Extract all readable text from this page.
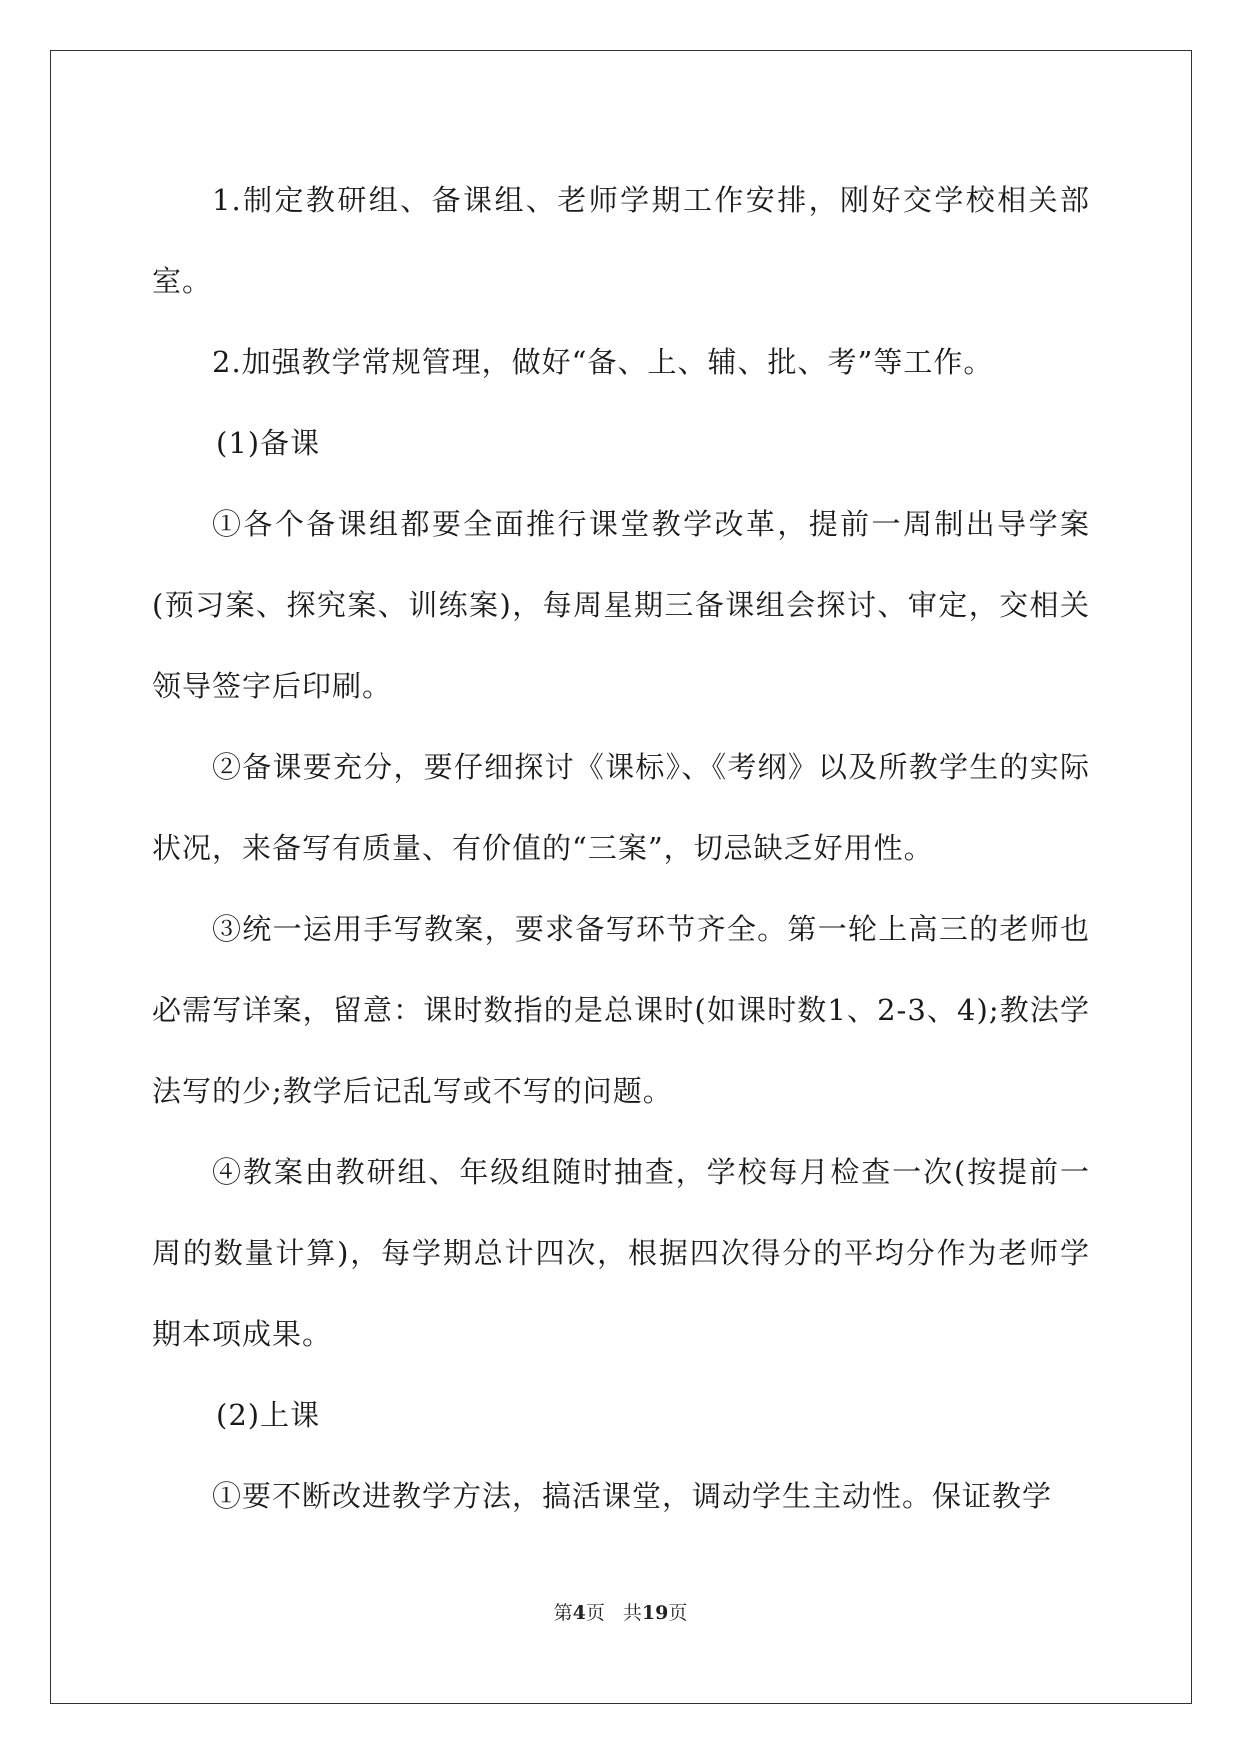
1.制定教研组、备课组、老师学期工作安排，刚好交学校相关部室。

2.加强教学常规管理，做好“备、上、辅、批、考”等工作。

(1)备课

①各个备课组都要全面推行课堂教学改革，提前一周制出导学案(预习案、探究案、训练案)，每周星期三备课组会探讨、审定，交相关领导签字后印刷。

②备课要充分，要仔细探讨《课标》、《考纲》以及所教学生的实际状况，来备写有质量、有价值的“三案”，切忌缺乏好用性。

③统一运用手写教案，要求备写环节齐全。第一轮上高三的老师也必需写详案，留意：课时数指的是总课时(如课时数1、2-3、4);教法学法写的少;教学后记乱写或不写的问题。

④教案由教研组、年级组随时抽查，学校每月检查一次(按提前一周的数量计算)，每学期总计四次，根据四次得分的平均分作为老师学期本项成果。

(2)上课

①要不断改进教学方法，搞活课堂，调动学生主动性。保证教学

第4页 共19页
